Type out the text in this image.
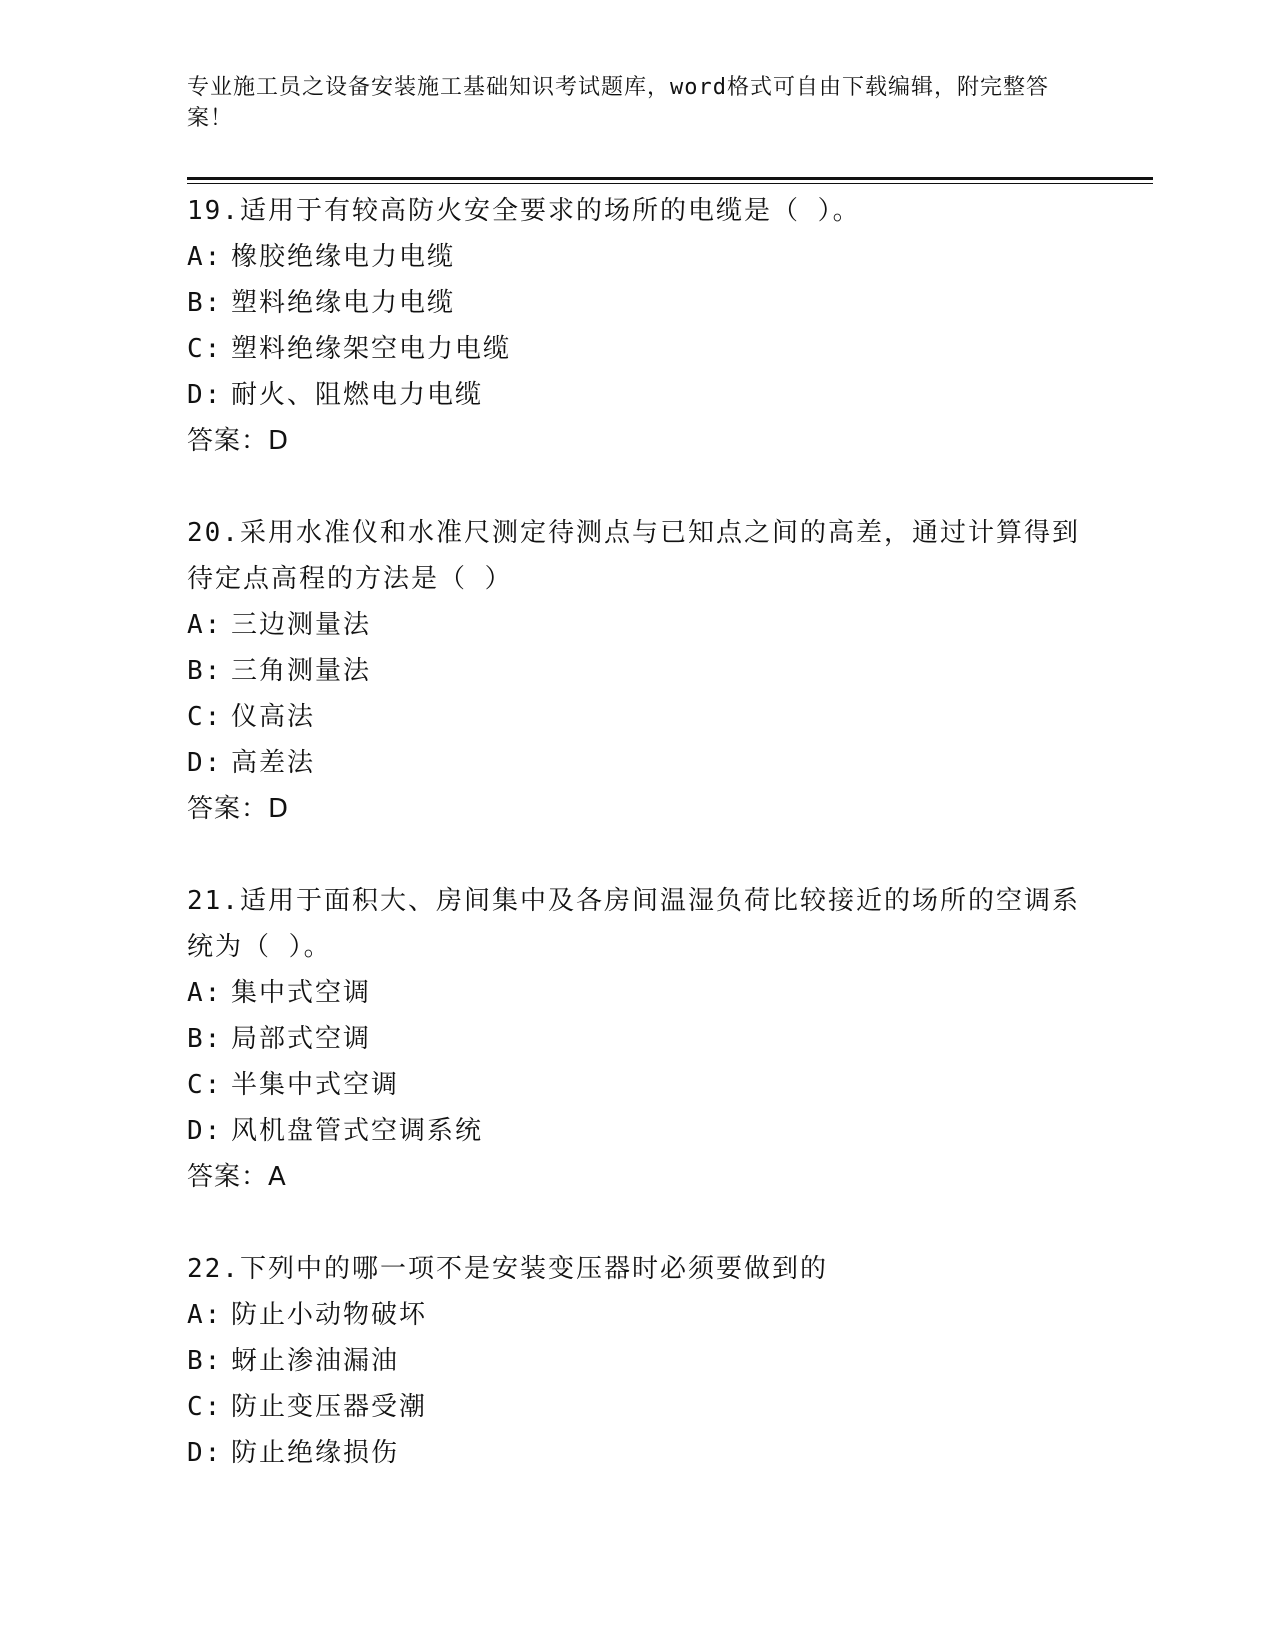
专业施工员之设备安装施工基础知识考试题库，word格式可自由下载编辑，附完整答案！
19.适用于有较高防火安全要求的场所的电缆是（ ）。
A: 橡胶绝缘电力电缆
B: 塑料绝缘电力电缆
C: 塑料绝缘架空电力电缆
D: 耐火、阻燃电力电缆
答案：D
20.采用水准仪和水准尺测定待测点与已知点之间的高差，通过计算得到待定点高程的方法是（ ）
A: 三边测量法
B: 三角测量法
C: 仪高法
D: 高差法
答案：D
21.适用于面积大、房间集中及各房间温湿负荷比较接近的场所的空调系统为（ ）。
A: 集中式空调
B: 局部式空调
C: 半集中式空调
D: 风机盘管式空调系统
答案：A
22.下列中的哪一项不是安装变压器时必须要做到的
A: 防止小动物破坏
B: 蚜止渗油漏油
C: 防止变压器受潮
D: 防止绝缘损伤
